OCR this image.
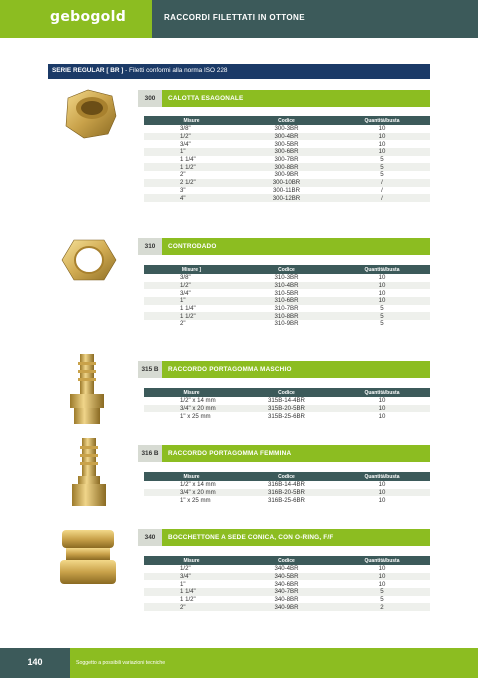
gebogold	RACCORDI FILETTATI IN OTTONE
SERIE REGULAR [ BR ] - Filetti conformi alla norma ISO 228
300	CALOTTA ESAGONALE
Misure	Codice	Quantità/busta
3/8"	300-3BR	10
1/2"	300-4BR	10
3/4"	300-5BR	10
1"	300-6BR	10
1 1/4"	300-7BR	5
1 1/2"	300-8BR	5
2"	300-9BR	5
2 1/2"	300-10BR	/
3"	300-11BR	/
4"	300-12BR	/
310	CONTRODADO
Misure ]	Codice	Quantità/busta
3/8"	310-3BR	10
1/2"	310-4BR	10
3/4"	310-5BR	10
1"	310-6BR	10
1 1/4"	310-7BR	5
1 1/2"	310-8BR	5
2"	310-9BR	5
315 B	RACCORDO PORTAGOMMA MASCHIO
Misure	Codice	Quantità/busta
1/2" x 14 mm	315B-14-4BR	10
3/4" x 20 mm	315B-20-5BR	10
1" x 25 mm	315B-25-6BR	10
316 B	RACCORDO PORTAGOMMA FEMMINA
Misure	Codice	Quantità/busta
1/2" x 14 mm	316B-14-4BR	10
3/4" x 20 mm	316B-20-5BR	10
1" x 25 mm	316B-25-6BR	10
340	BOCCHETTONE A SEDE CONICA, CON O-RING, F/F
Misure	Codice	Quantità/busta
1/2"	340-4BR	10
3/4"	340-5BR	10
1"	340-6BR	10
1 1/4"	340-7BR	5
1 1/2"	340-8BR	5
2"	340-9BR	2
140	Soggetto a possibili variazioni tecniche
